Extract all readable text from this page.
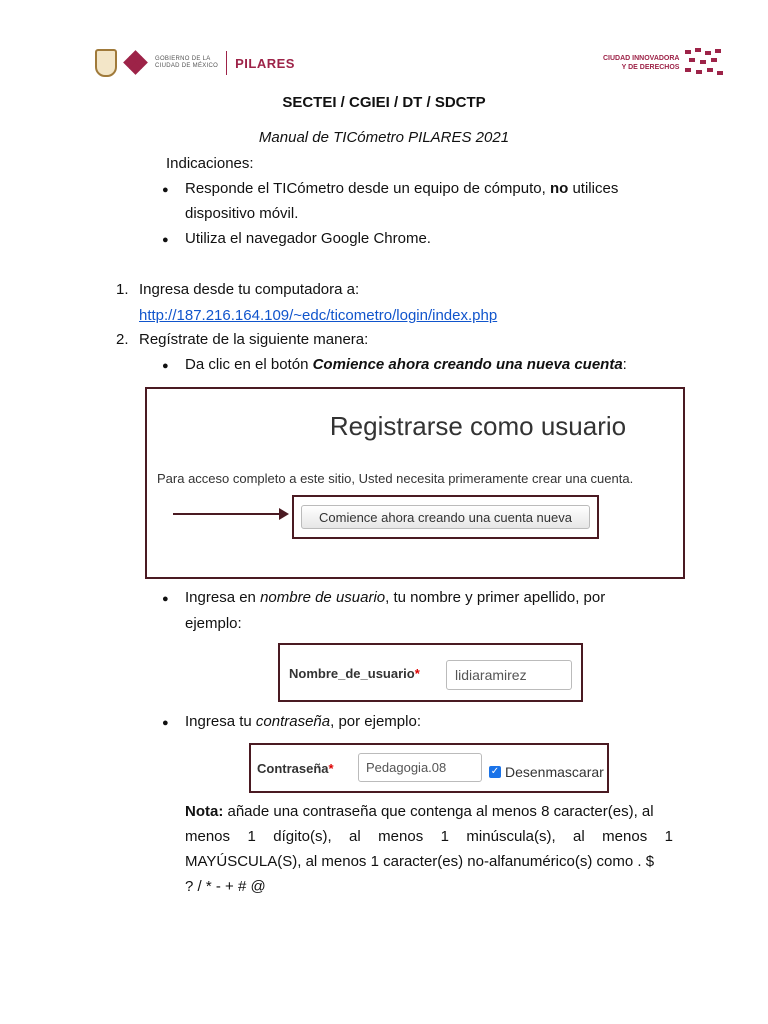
GOBIERNO DE LA
CIUDAD DE MÉXICO PILARES	CIUDAD INNOVADORA
Y DE DERECHOS
SECTEI / CGIEI / DT / SDCTP
Manual de TICómetro PILARES 2021
Indicaciones:
● Responde el TICómetro desde un equipo de cómputo, no utilices
dispositivo móvil.
● Utiliza el navegador Google Chrome.
1. Ingresa desde tu computadora a:
http://187.216.164.109/~edc/ticometro/login/index.php
2. Regístrate de la siguiente manera:
● Da clic en el botón Comience ahora creando una nueva cuenta:
Registrarse como usuario
Para acceso completo a este sitio, Usted necesita primeramente crear una cuenta.
Comience ahora creando una cuenta nueva
● Ingresa en nombre de usuario, tu nombre y primer apellido, por
ejemplo:
Nombre_de_usuario*	lidiaramirez
● Ingresa tu contraseña, por ejemplo:
Contraseña*	Pedagogia.08	✓ Desenmascarar
Nota: añade una contraseña que contenga al menos 8 caracter(es), al
menos 1 dígito(s), al menos 1 minúscula(s), al menos 1
MAYÚSCULA(S), al menos 1 caracter(es) no-alfanumérico(s) como . $
? / * - + # @
